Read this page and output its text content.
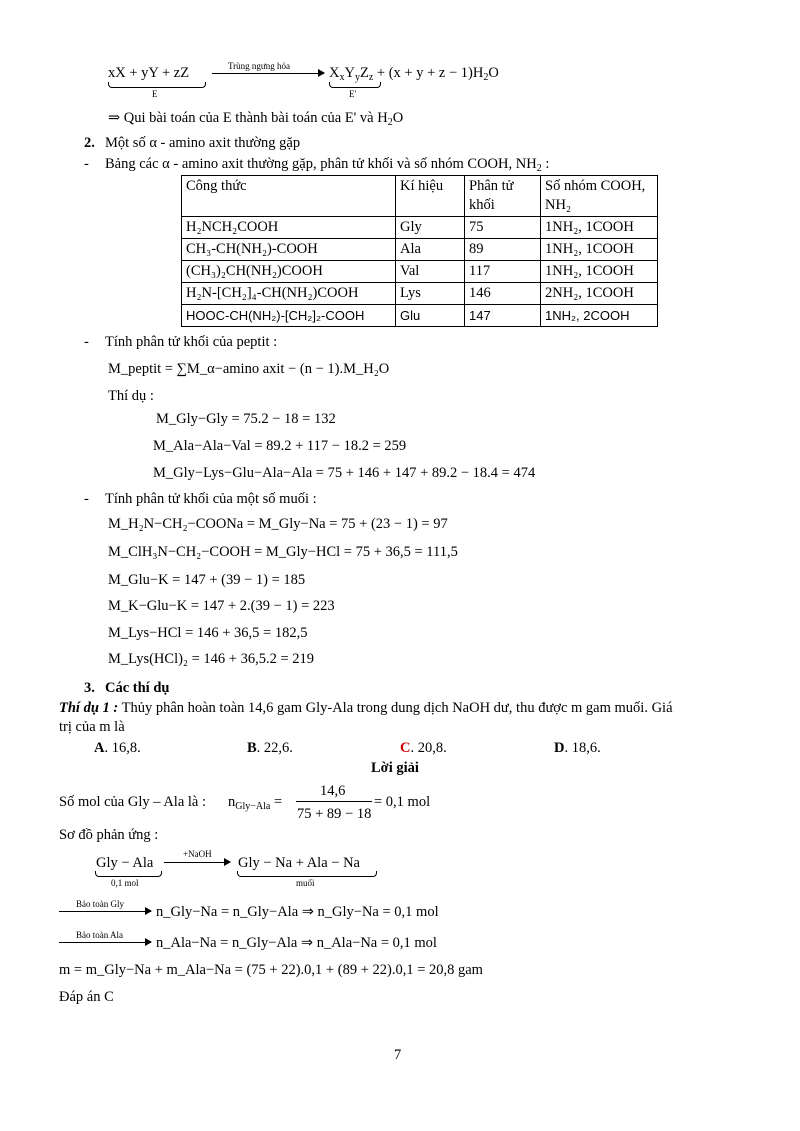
xX + yY + zZ
E
Trùng ngưng hóa	$X_xY_yZ_z + (x + y + z - 1)H_2O$
E'
⇒ Qui bài toán của E thành bài toán của E' và $H_2O$
2. Một số α - amino axit thường gặp
- Bảng các α - amino axit thường gặp, phân tử khối và số nhóm COOH, $NH_2$ :
Công thức	Kí hiệu	Phân tử khối	Số nhóm COOH, NH₂
H₂NCH₂COOH	Gly	75	1NH₂, 1COOH
CH₃-CH(NH₂)-COOH	Ala	89	1NH₂, 1COOH
(CH₃)₂CH(NH₂)COOH	Val	117	1NH₂, 1COOH
H₂N-[CH₂]₄-CH(NH₂)COOH	Lys	146	2NH₂, 1COOH
HOOC-CH(NH₂)-[CH₂]₂-COOH	Glu	147	1NH₂, 2COOH
- Tính phân tử khối của peptit :
M_peptit = ∑M_α−amino axit − (n − 1).M_H₂O
Thí dụ :
M_Gly−Gly = 75.2 − 18 = 132
M_Ala−Ala−Val = 89.2 + 117 − 18.2 = 259
M_Gly−Lys−Glu−Ala−Ala = 75 + 146 + 147 + 89.2 − 18.4 = 474
- Tính phân tử khối của một số muối :
M_H₂N−CH₂−COONa = M_Gly−Na = 75 + (23 − 1) = 97
M_ClH₃N−CH₂−COOH = M_Gly−HCl = 75 + 36,5 = 111,5
M_Glu−K = 147 + (39 − 1) = 185
M_K−Glu−K = 147 + 2.(39 − 1) = 223
M_Lys−HCl = 146 + 36,5 = 182,5
M_Lys(HCl)₂ = 146 + 36,5.2 = 219
3. Các thí dụ
Thí dụ 1 : Thủy phân hoàn toàn 14,6 gam Gly-Ala trong dung dịch NaOH dư, thu được m gam muối. Giá
trị của m là
A. 16,8.	B. 22,6.	C. 20,8.	D. 18,6.
Lời giải
Số mol của Gly – Ala là : $n_{Gly-Ala}$ =
14,6
75 + 89 − 18
= 0,1 mol
Sơ đồ phản ứng :
Gly − Ala
0,1 mol
+NaOH
Gly − Na + Ala − Na
muối
Bảo toàn Gly n_Gly−Na = n_Gly−Ala ⇒ n_Gly−Na = 0,1 mol
Bảo toàn Ala n_Ala−Na = n_Gly−Ala ⇒ n_Ala−Na = 0,1 mol
m = m_Gly−Na + m_Ala−Na = (75 + 22).0,1 + (89 + 22).0,1 = 20,8 gam
Đáp án C
7
